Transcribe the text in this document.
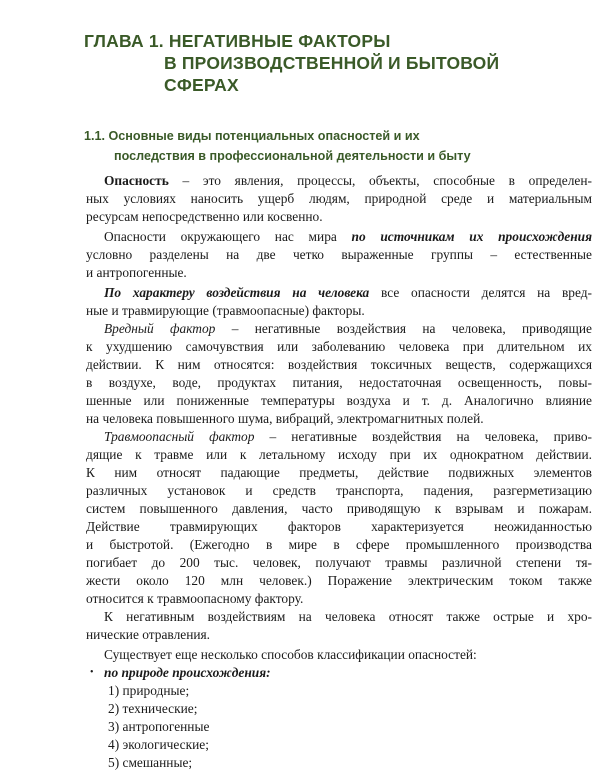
ГЛАВА 1. НЕГАТИВНЫЕ ФАКТОРЫ
В ПРОИЗВОДСТВЕННОЙ И БЫТОВОЙ
СФЕРАХ
1.1. Основные виды потенциальных опасностей и их
последствия в профессиональной деятельности и быту
Опасность – это явления, процессы, объекты, способные в определен-
ных условиях наносить ущерб людям, природной среде и материальным
ресурсам непосредственно или косвенно.
Опасности окружающего нас мира по источникам их происхождения
условно разделены на две четко выраженные группы – естественные
и антропогенные.
По характеру воздействия на человека все опасности делятся на вред-
ные и травмирующие (травмоопасные) факторы.
Вредный фактор – негативные воздействия на человека, приводящие
к ухудшению самочувствия или заболеванию человека при длительном их
действии. К ним относятся: воздействия токсичных веществ, содержащихся
в воздухе, воде, продуктах питания, недостаточная освещенность, повы-
шенные или пониженные температуры воздуха и т. д. Аналогично влияние
на человека повышенного шума, вибраций, электромагнитных полей.
Травмоопасный фактор – негативные воздействия на человека, приво-
дящие к травме или к летальному исходу при их однократном действии.
К ним относят падающие предметы, действие подвижных элементов
различных установок и средств транспорта, падения, разгерметизацию
систем повышенного давления, часто приводящую к взрывам и пожарам.
Действие травмирующих факторов характеризуется неожиданностью
и быстротой. (Ежегодно в мире в сфере промышленного производства
погибает до 200 тыс. человек, получают травмы различной степени тя-
жести около 120 млн человек.) Поражение электрическим током также
относится к травмоопасному фактору.
К негативным воздействиям на человека относят также острые и хро-
нические отравления.
Существует еще несколько способов классификации опасностей:
• по природе происхождения:
1) природные;
2) технические;
3) антропогенные
4) экологические;
5) смешанные;
